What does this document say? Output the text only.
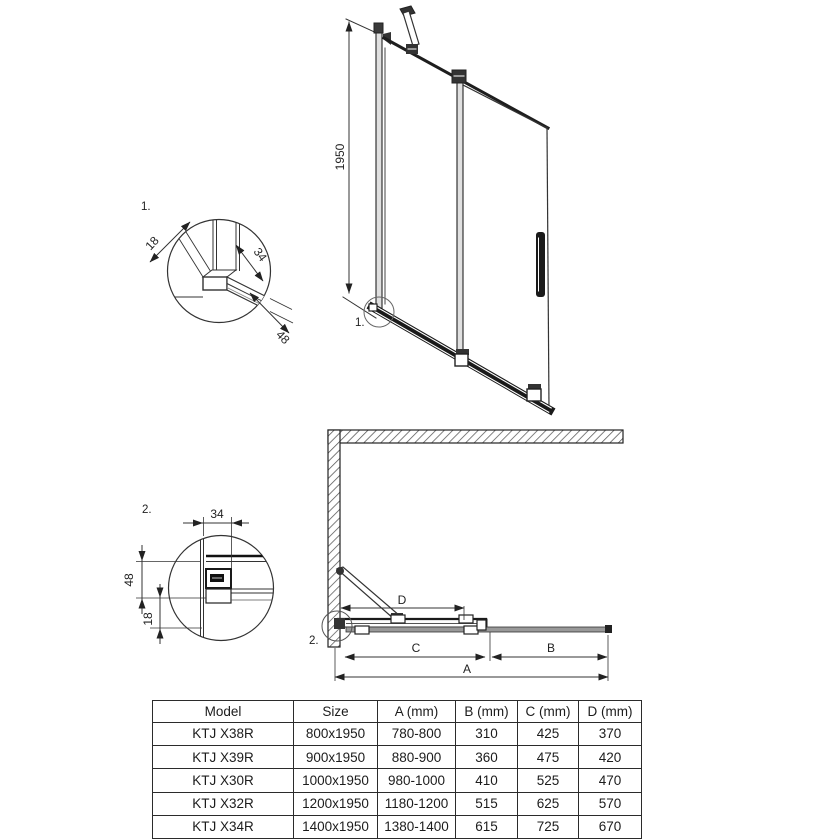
1950
1.
1.
18
34
48
2.	34
48
18
2.
D
C	B
A
Model	Size	A (mm)	B (mm)	C (mm)	D (mm)
KTJ X38R	800x1950	780-800	310	425	370
KTJ X39R	900x1950	880-900	360	475	420
KTJ X30R	1000x1950	980-1000	410	525	470
KTJ X32R	1200x1950	1180-1200	515	625	570
KTJ X34R	1400x1950	1380-1400	615	725	670
